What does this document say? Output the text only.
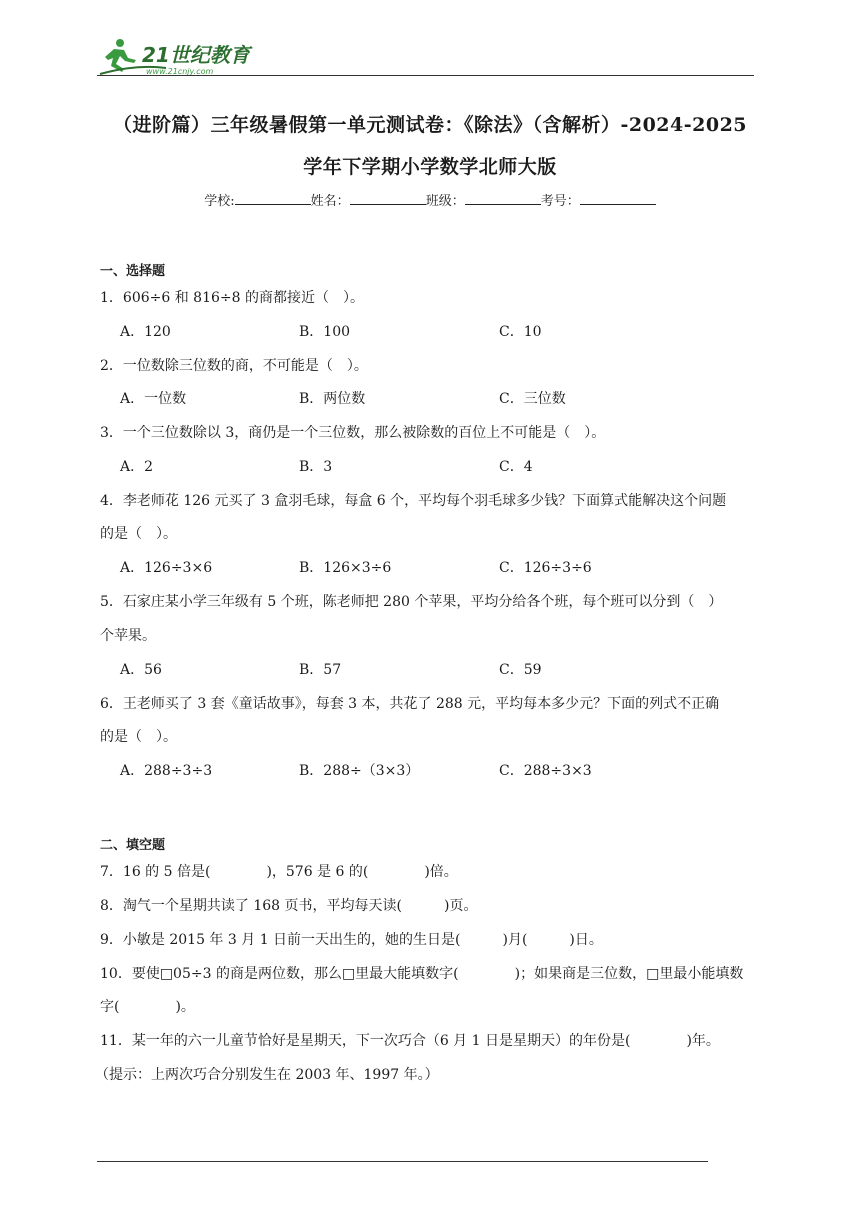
21世纪教育
www.21cnjy.com
（进阶篇）三年级暑假第一单元测试卷：《除法》（含解析）-2024-2025
学年下学期小学数学北师大版
学校:	姓名：	班级：	考号：
一、选择题
1．606÷6 和 816÷8 的商都接近（　）。
A．120	B．100	C．10
2．一位数除三位数的商，不可能是（　）。
A．一位数	B．两位数	C．三位数
3．一个三位数除以 3，商仍是一个三位数，那么被除数的百位上不可能是（　）。
A．2	B．3	C．4
4．李老师花 126 元买了 3 盒羽毛球，每盒 6 个，平均每个羽毛球多少钱？下面算式能解决这个问题
的是（　）。
A．126÷3×6	B．126×3÷6	C．126÷3÷6
5．石家庄某小学三年级有 5 个班，陈老师把 280 个苹果，平均分给各个班，每个班可以分到（　）
个苹果。
A．56	B．57	C．59
6．王老师买了 3 套《童话故事》，每套 3 本，共花了 288 元，平均每本多少元？下面的列式不正确
的是（　）。
A．288÷3÷3	B．288÷（3×3）	C．288÷3×3
二、填空题
7．16 的 5 倍是(　　　　)，576 是 6 的(　　　　)倍。
8．淘气一个星期共读了 168 页书，平均每天读(　　　)页。
9．小敏是 2015 年 3 月 1 日前一天出生的，她的生日是(　　　)月(　　　)日。
10．要使□05÷3 的商是两位数，那么□里最大能填数字(　　　　)；如果商是三位数，□里最小能填数
字(　　　　)。
11．某一年的六一儿童节恰好是星期天，下一次巧合（6 月 1 日是星期天）的年份是(　　　　)年。
（提示：上两次巧合分别发生在 2003 年、1997 年。）
